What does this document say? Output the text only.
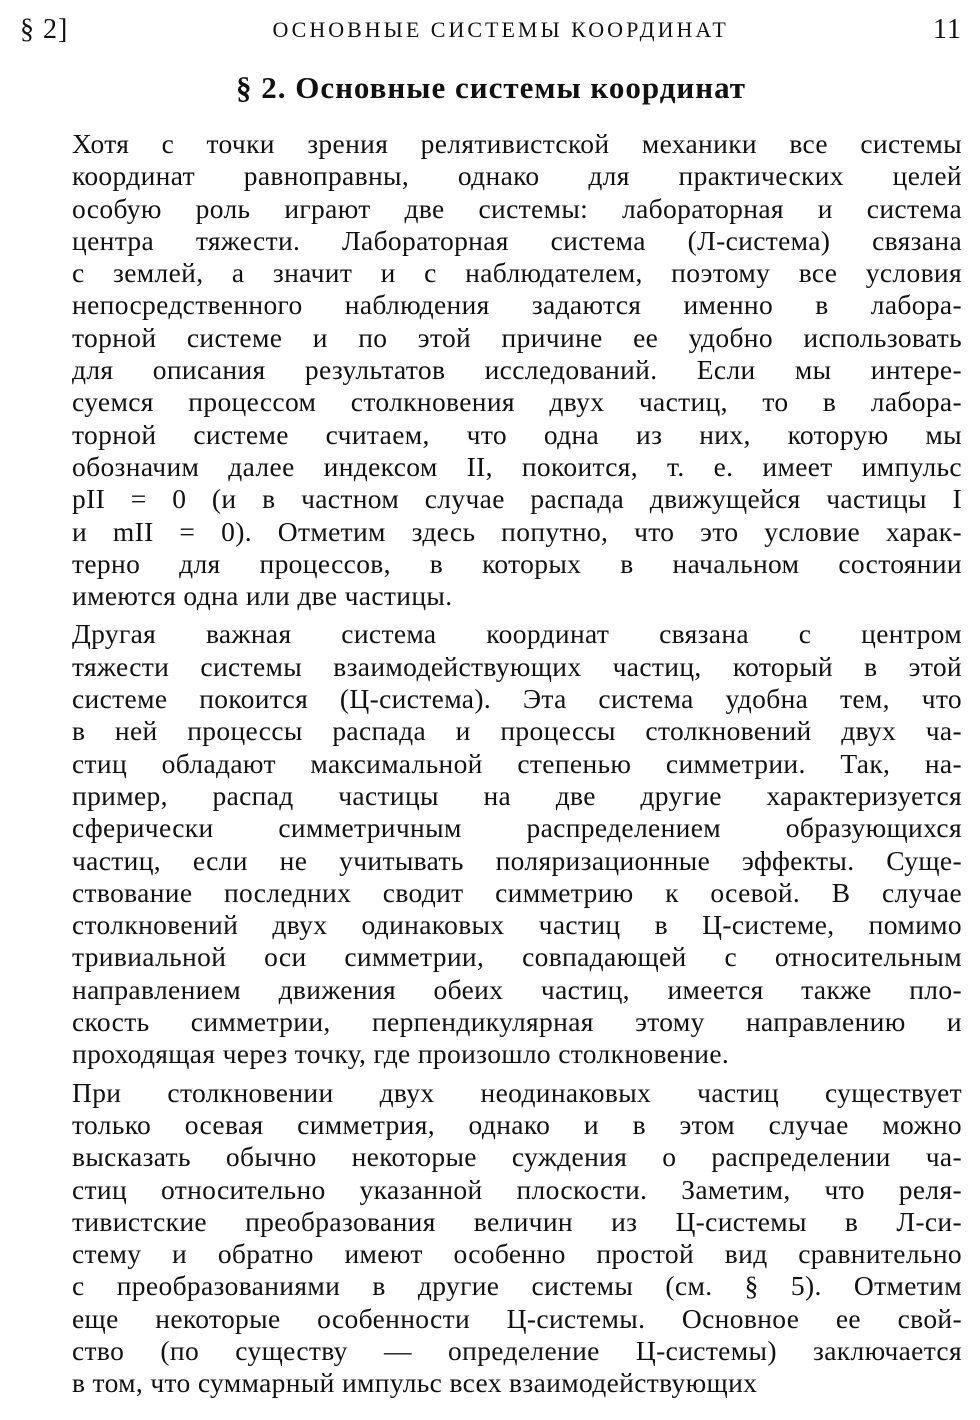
§ 2]	ОСНОВНЫЕ СИСТЕМЫ КООРДИНАТ	11
§ 2. Основные системы координат

Хотя с точки зрения релятивистской механики все системы
координат равноправны, однако для практических целей
особую роль играют две системы: лабораторная и система
центра тяжести. Лабораторная система (Л-система) связана
с землей, а значит и с наблюдателем, поэтому все условия
непосредственного наблюдения задаются именно в лабора-
торной системе и по этой причине ее удобно использовать
для описания результатов исследований. Если мы интере-
суемся процессом столкновения двух частиц, то в лабора-
торной системе считаем, что одна из них, которую мы
обозначим далее индексом II, покоится, т. е. имеет импульс
pII = 0 (и в частном случае распада движущейся частицы I
и mII = 0). Отметим здесь попутно, что это условие харак-
терно для процессов, в которых в начальном состоянии
имеются одна или две частицы.

Другая важная система координат связана с центром
тяжести системы взаимодействующих частиц, который в этой
системе покоится (Ц-система). Эта система удобна тем, что
в ней процессы распада и процессы столкновений двух ча-
стиц обладают максимальной степенью симметрии. Так, на-
пример, распад частицы на две другие характеризуется
сферически симметричным распределением образующихся
частиц, если не учитывать поляризационные эффекты. Суще-
ствование последних сводит симметрию к осевой. В случае
столкновений двух одинаковых частиц в Ц-системе, помимо
тривиальной оси симметрии, совпадающей с относительным
направлением движения обеих частиц, имеется также пло-
скость симметрии, перпендикулярная этому направлению и
проходящая через точку, где произошло столкновение.

При столкновении двух неодинаковых частиц существует
только осевая симметрия, однако и в этом случае можно
высказать обычно некоторые суждения о распределении ча-
стиц относительно указанной плоскости. Заметим, что реля-
тивистские преобразования величин из Ц-системы в Л-си-
стему и обратно имеют особенно простой вид сравнительно
с преобразованиями в другие системы (см. § 5). Отметим
еще некоторые особенности Ц-системы. Основное ее свой-
ство (по существу — определение Ц-системы) заключается
в том, что суммарный импульс всех взаимодействующих
